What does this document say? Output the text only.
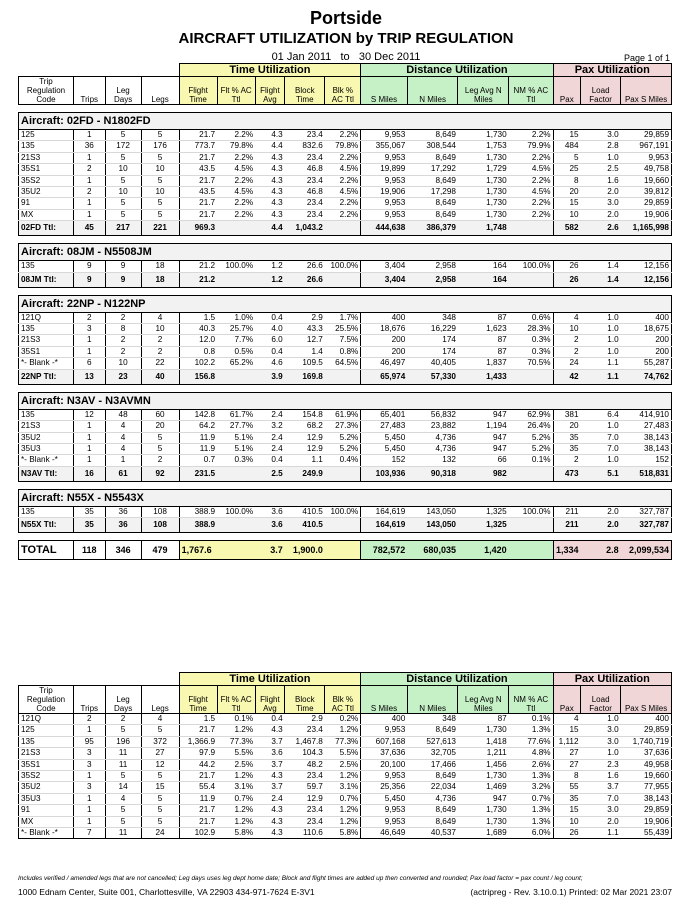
Portside
AIRCRAFT UTILIZATION by TRIP REGULATION
01 Jan 2011 to 30 Dec 2011	Page 1 of 1
				Time Utilization					Distance Utilization				Pax Utilization		
Trip Regulation Code	Trips	Leg Days	Legs	Flight Time	Flt % AC Ttl	Flight Avg	Block Time	Blk % AC Ttl	S Miles	N Miles	Leg Avg N Miles	NM % AC Ttl	Pax	Load Factor	Pax S Miles

Aircraft: 02FD - N1802FD															
125	1	5	5	21.7	2.2%	4.3	23.4	2.2%	9,953	8,649	1,730	2.2%	15	3.0	29,859
135	36	172	176	773.7	79.8%	4.4	832.6	79.8%	355,067	308,544	1,753	79.9%	484	2.8	967,191
21S3	1	5	5	21.7	2.2%	4.3	23.4	2.2%	9,953	8,649	1,730	2.2%	5	1.0	9,953
35S1	2	10	10	43.5	4.5%	4.3	46.8	4.5%	19,899	17,292	1,729	4.5%	25	2.5	49,758
35S2	1	5	5	21.7	2.2%	4.3	23.4	2.2%	9,953	8,649	1,730	2.2%	8	1.6	19,660
35U2	2	10	10	43.5	4.5%	4.3	46.8	4.5%	19,906	17,298	1,730	4.5%	20	2.0	39,812
91	1	5	5	21.7	2.2%	4.3	23.4	2.2%	9,953	8,649	1,730	2.2%	15	3.0	29,859
MX	1	5	5	21.7	2.2%	4.3	23.4	2.2%	9,953	8,649	1,730	2.2%	10	2.0	19,906
02FD Ttl:	45	217	221	969.3		4.4	1,043.2		444,638	386,379	1,748		582	2.6	1,165,998

Aircraft: 08JM - N5508JM															
135	9	9	18	21.2	100.0%	1.2	26.6	100.0%	3,404	2,958	164	100.0%	26	1.4	12,156
08JM Ttl:	9	9	18	21.2		1.2	26.6		3,404	2,958	164		26	1.4	12,156

Aircraft: 22NP - N122NP															
121Q	2	2	4	1.5	1.0%	0.4	2.9	1.7%	400	348	87	0.6%	4	1.0	400
135	3	8	10	40.3	25.7%	4.0	43.3	25.5%	18,676	16,229	1,623	28.3%	10	1.0	18,675
21S3	1	2	2	12.0	7.7%	6.0	12.7	7.5%	200	174	87	0.3%	2	1.0	200
35S1	1	2	2	0.8	0.5%	0.4	1.4	0.8%	200	174	87	0.3%	2	1.0	200
*- Blank -*	6	10	22	102.2	65.2%	4.6	109.5	64.5%	46,497	40,405	1,837	70.5%	24	1.1	55,287
22NP Ttl:	13	23	40	156.8		3.9	169.8		65,974	57,330	1,433		42	1.1	74,762

Aircraft: N3AV - N3AVMN															
135	12	48	60	142.8	61.7%	2.4	154.8	61.9%	65,401	56,832	947	62.9%	381	6.4	414,910
21S3	1	4	20	64.2	27.7%	3.2	68.2	27.3%	27,483	23,882	1,194	26.4%	20	1.0	27,483
35U2	1	4	5	11.9	5.1%	2.4	12.9	5.2%	5,450	4,736	947	5.2%	35	7.0	38,143
35U3	1	4	5	11.9	5.1%	2.4	12.9	5.2%	5,450	4,736	947	5.2%	35	7.0	38,143
*- Blank -*	1	1	2	0.7	0.3%	0.4	1.1	0.4%	152	132	66	0.1%	2	1.0	152
N3AV Ttl:	16	61	92	231.5		2.5	249.9		103,936	90,318	982		473	5.1	518,831

Aircraft: N55X - N5543X															
135	35	36	108	388.9	100.0%	3.6	410.5	100.0%	164,619	143,050	1,325	100.0%	211	2.0	327,787
N55X Ttl:	35	36	108	388.9		3.6	410.5		164,619	143,050	1,325		211	2.0	327,787

TOTAL	118	346	479	1,767.6		3.7	1,900.0		782,572	680,035	1,420		1,334	2.8	2,099,534
				Time Utilization					Distance Utilization				Pax Utilization		
Trip Regulation Code	Trips	Leg Days	Legs	Flight Time	Flt % AC Ttl	Flight Avg	Block Time	Blk % AC Ttl	S Miles	N Miles	Leg Avg N Miles	NM % AC Ttl	Pax	Load Factor	Pax S Miles
121Q	2	2	4	1.5	0.1%	0.4	2.9	0.2%	400	348	87	0.1%	4	1.0	400
125	1	5	5	21.7	1.2%	4.3	23.4	1.2%	9,953	8,649	1,730	1.3%	15	3.0	29,859
135	95	196	372	1,366.9	77.3%	3.7	1,467.8	77.3%	607,168	527,613	1,418	77.6%	1,112	3.0	1,740,719
21S3	3	11	27	97.9	5.5%	3.6	104.3	5.5%	37,636	32,705	1,211	4.8%	27	1.0	37,636
35S1	3	11	12	44.2	2.5%	3.7	48.2	2.5%	20,100	17,466	1,456	2.6%	27	2.3	49,958
35S2	1	5	5	21.7	1.2%	4.3	23.4	1.2%	9,953	8,649	1,730	1.3%	8	1.6	19,660
35U2	3	14	15	55.4	3.1%	3.7	59.7	3.1%	25,356	22,034	1,469	3.2%	55	3.7	77,955
35U3	1	4	5	11.9	0.7%	2.4	12.9	0.7%	5,450	4,736	947	0.7%	35	7.0	38,143
91	1	5	5	21.7	1.2%	4.3	23.4	1.2%	9,953	8,649	1,730	1.3%	15	3.0	29,859
MX	1	5	5	21.7	1.2%	4.3	23.4	1.2%	9,953	8,649	1,730	1.3%	10	2.0	19,906
*- Blank -*	7	11	24	102.9	5.8%	4.3	110.6	5.8%	46,649	40,537	1,689	6.0%	26	1.1	55,439
Includes verified / amended legs that are not cancelled; Leg days uses leg dept home date; Block and flight times are added up then converted and rounded; Pax load factor = pax count / leg count;
1000 Ednam Center, Suite 001, Charlottesville, VA 22903 434-971-7624 E-3V1	(actripreg - Rev. 3.10.0.1) Printed: 02 Mar 2021 23:07
